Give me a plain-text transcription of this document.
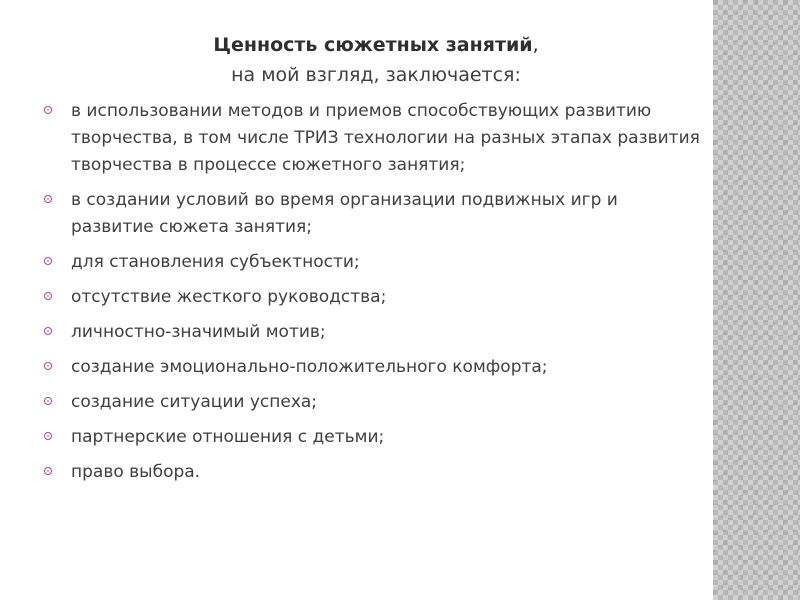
Ценность сюжетных занятий,
на мой взгляд, заключается:
в использовании методов и приемов способствующих развитию творчества, в том числе ТРИЗ технологии на разных этапах развития творчества в процессе сюжетного занятия;
в создании условий во время организации подвижных игр и развитие сюжета занятия;
для становления субъектности;
отсутствие жесткого руководства;
личностно-значимый мотив;
создание эмоционально-положительного комфорта;
создание ситуации успеха;
партнерские отношения с детьми;
право выбора.
